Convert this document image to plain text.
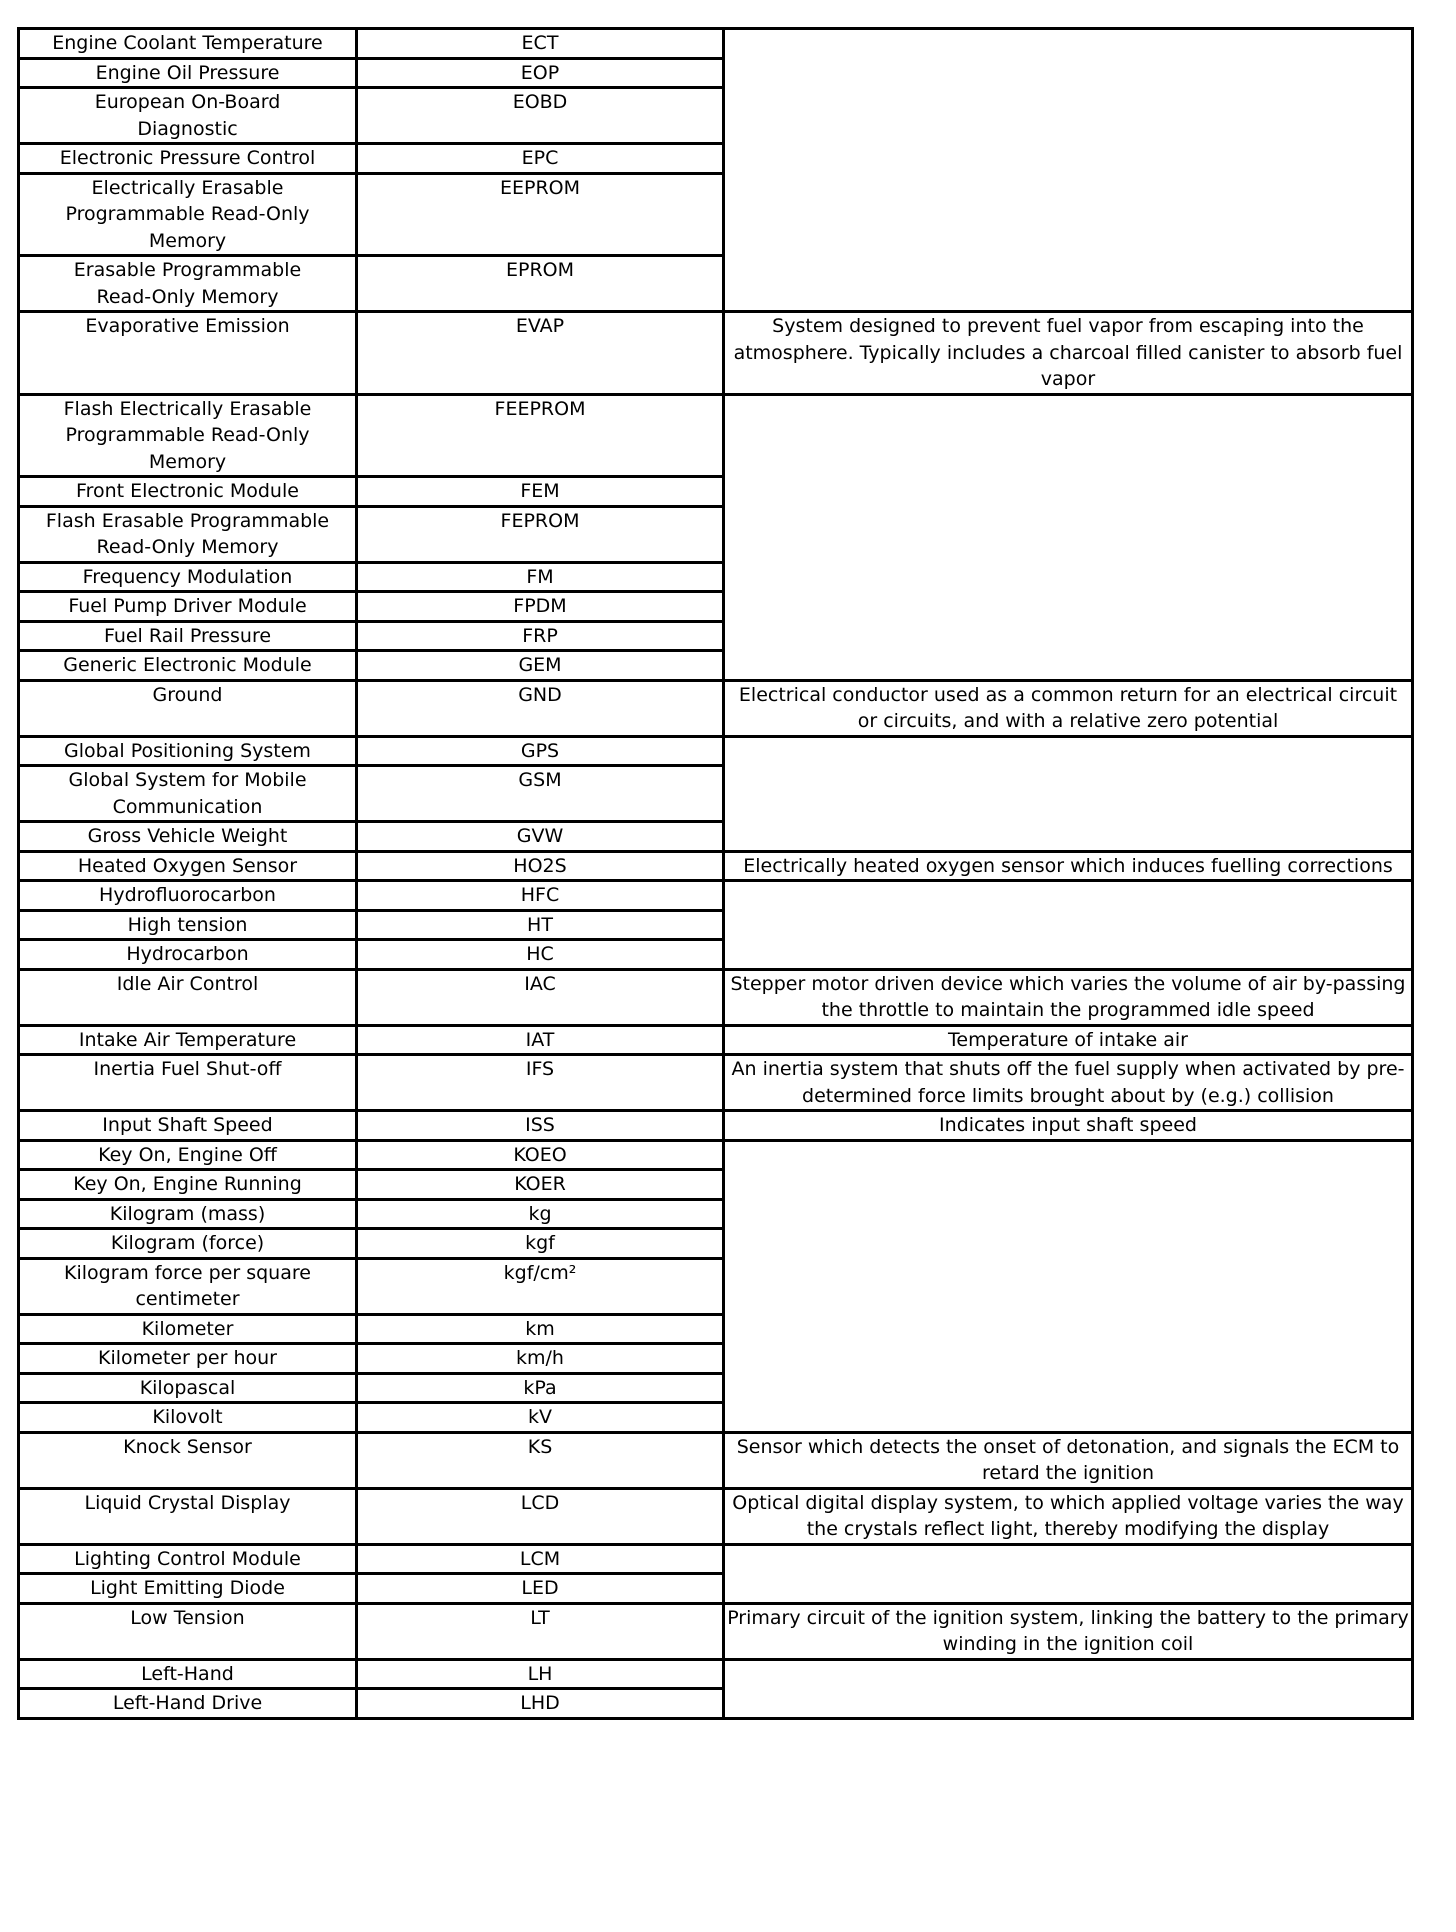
Engine Coolant Temperature	ECT	
Engine Oil Pressure	EOP	
European On-Board
Diagnostic	EOBD	
Electronic Pressure Control	EPC	
Electrically Erasable
Programmable Read-Only
Memory	EEPROM	
Erasable Programmable
Read-Only Memory	EPROM	
Evaporative Emission	EVAP	System designed to prevent fuel vapor from escaping into the atmosphere. Typically includes a charcoal filled canister to absorb fuel vapor
Flash Electrically Erasable
Programmable Read-Only
Memory	FEEPROM	
Front Electronic Module	FEM	
Flash Erasable Programmable
Read-Only Memory	FEPROM	
Frequency Modulation	FM	
Fuel Pump Driver Module	FPDM	
Fuel Rail Pressure	FRP	
Generic Electronic Module	GEM	
Ground	GND	Electrical conductor used as a common return for an electrical circuit or circuits, and with a relative zero potential
Global Positioning System	GPS	
Global System for Mobile
Communication	GSM	
Gross Vehicle Weight	GVW	
Heated Oxygen Sensor	HO2S	Electrically heated oxygen sensor which induces fuelling corrections
Hydrofluorocarbon	HFC	
High tension	HT	
Hydrocarbon	HC	
Idle Air Control	IAC	Stepper motor driven device which varies the volume of air by-passing the throttle to maintain the programmed idle speed
Intake Air Temperature	IAT	Temperature of intake air
Inertia Fuel Shut-off	IFS	An inertia system that shuts off the fuel supply when activated by pre-determined force limits brought about by (e.g.) collision
Input Shaft Speed	ISS	Indicates input shaft speed
Key On, Engine Off	KOEO	
Key On, Engine Running	KOER	
Kilogram (mass)	kg	
Kilogram (force)	kgf	
Kilogram force per square
centimeter	kgf/cm²	
Kilometer	km	
Kilometer per hour	km/h	
Kilopascal	kPa	
Kilovolt	kV	
Knock Sensor	KS	Sensor which detects the onset of detonation, and signals the ECM to retard the ignition
Liquid Crystal Display	LCD	Optical digital display system, to which applied voltage varies the way the crystals reflect light, thereby modifying the display
Lighting Control Module	LCM	
Light Emitting Diode	LED	
Low Tension	LT	Primary circuit of the ignition system, linking the battery to the primary winding in the ignition coil
Left-Hand	LH	
Left-Hand Drive	LHD	
